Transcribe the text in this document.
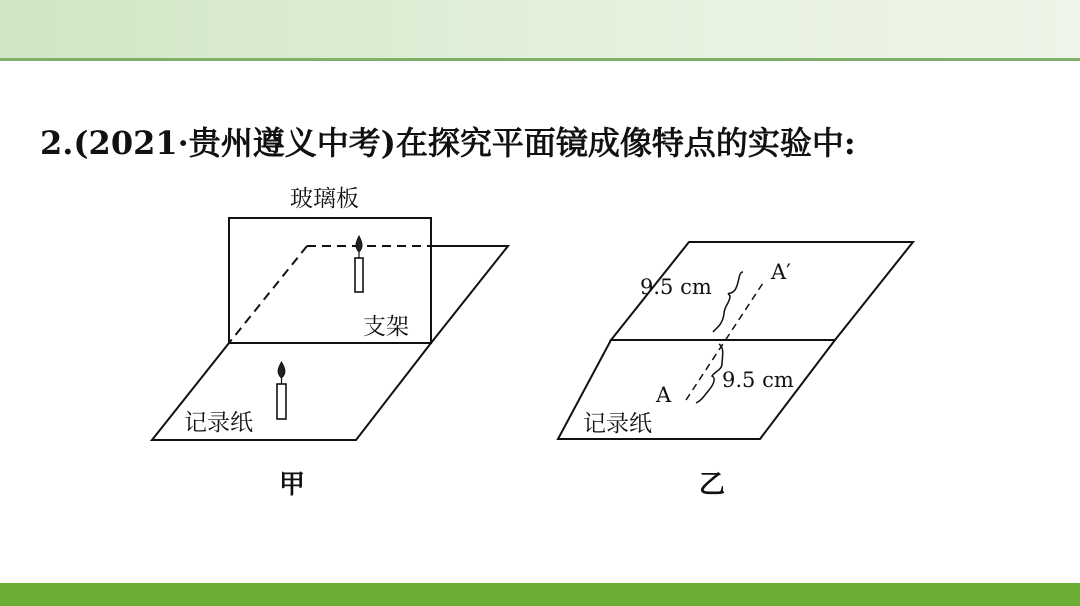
2.(2021·贵州遵义中考)在探究平面镜成像特点的实验中:
玻璃板
支架
记录纸
甲
9.5 cm
A′
9.5 cm
A
记录纸
乙
